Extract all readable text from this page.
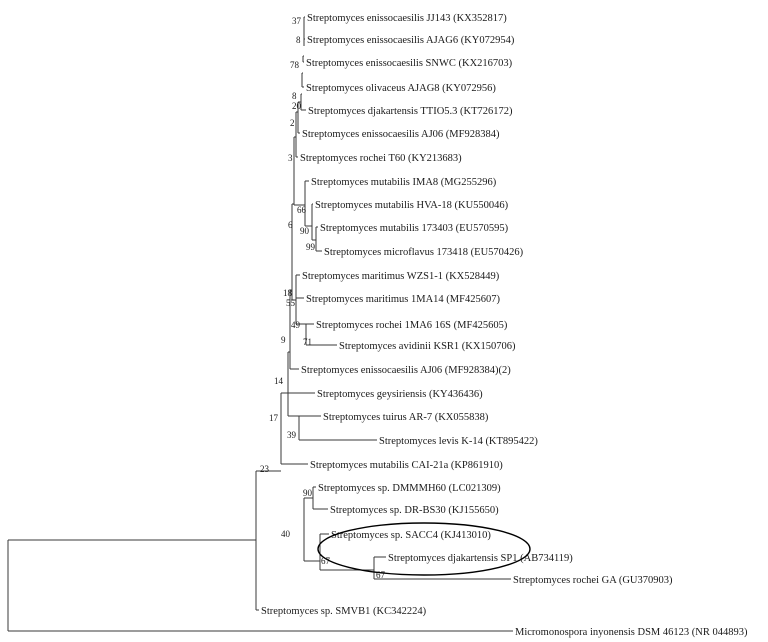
Streptomyces enissocaesilis JJ143 (KX352817)
Streptomyces enissocaesilis AJAG6 (KY072954)
Streptomyces enissocaesilis SNWC (KX216703)
Streptomyces olivaceus AJAG8 (KY072956)
Streptomyces djakartensis TTIO5.3 (KT726172)
Streptomyces enissocaesilis AJ06 (MF928384)
Streptomyces rochei T60 (KY213683)
Streptomyces mutabilis IMA8 (MG255296)
Streptomyces mutabilis HVA-18 (KU550046)
Streptomyces mutabilis 173403 (EU570595)
Streptomyces microflavus 173418 (EU570426)
Streptomyces maritimus WZS1-1 (KX528449)
Streptomyces maritimus 1MA14 (MF425607)
Streptomyces rochei 1MA6 16S (MF425605)
Streptomyces avidinii KSR1 (KX150706)
Streptomyces enissocaesilis AJ06 (MF928384)(2)
Streptomyces geysiriensis (KY436436)
Streptomyces tuirus AR-7 (KX055838)
Streptomyces levis K-14 (KT895422)
Streptomyces mutabilis CAI-21a (KP861910)
Streptomyces sp. DMMMH60 (LC021309)
Streptomyces sp. DR-BS30 (KJ155650)
Streptomyces sp. SACC4 (KJ413010)
Streptomyces djakartensis SP1 (AB734119)
Streptomyces rochei GA (GU370903)
Streptomyces sp. SMVB1 (KC342224)
Micromonospora inyonensis DSM 46123 (NR 044893)
37
8
78
8
20
2
3
66
90
99
6
18
55
49
71
9
14
39
17
23
90
40
67
67
